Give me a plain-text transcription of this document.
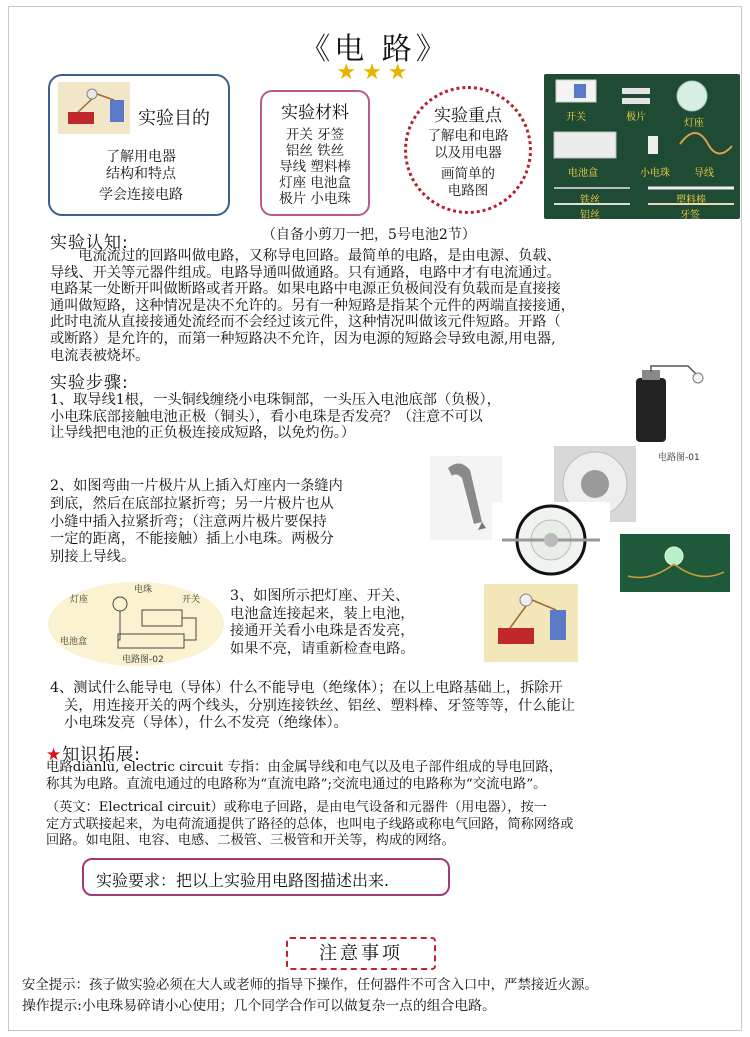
《电 路》
★★★
实验目的
了解用电器
结构和特点
学会连接电路
实验材料
开关 牙签
铝丝 铁丝
导线 塑料棒
灯座 电池盒
极片 小电珠
实验重点
了解电和电路
以及用电器
画简单的
电路图
开关	极片
灯座
电池盒	小电珠 导线
铁丝
铝丝
塑料棒
牙签
（自备小剪刀一把，5号电池2节）
实验认知:
　　电流流过的回路叫做电路，又称导电回路。最简单的电路，是由电源、负载、
导线、开关等元器件组成。电路导通叫做通路。只有通路，电路中才有电流通过。
电路某一处断开叫做断路或者开路。如果电路中电源正负极间没有负载而是直接接
通叫做短路，这种情况是决不允许的。另有一种短路是指某个元件的两端直接接通，
此时电流从直接接通处流经而不会经过该元件，这种情况叫做该元件短路。开路（
或断路）是允许的，而第一种短路决不允许，因为电源的短路会导致电源,用电器,
电流表被烧坏。
实验步骤:
1、取导线1根，一头铜线缠绕小电珠铜部，一头压入电池底部（负极），
小电珠底部接触电池正极（铜头），看小电珠是否发亮？（注意不可以
让导线把电池的正负极连接成短路，以免灼伤。）
电路图-01
2、如图弯曲一片极片从上插入灯座内一条缝内
到底，然后在底部拉紧折弯；另一片极片也从
小缝中插入拉紧折弯；（注意两片极片要保持
一定的距离，不能接触）插上小电珠。两极分
别接上导线。
灯座
电珠
开关
电池盒
电路图-02
3、如图所示把灯座、开关、
电池盒连接起来，装上电池，
接通开关看小电珠是否发亮，
如果不亮，请重新检查电路。
4、测试什么能导电（导体）什么不能导电（绝缘体）；在以上电路基础上，拆除开
关，用连接开关的两个线头，分别连接铁丝、铝丝、塑料棒、牙签等等，什么能让
小电珠发亮（导体），什么不发亮（绝缘体）。
★知识拓展:
电路diànlù, electric circuit 专指：由金属导线和电气以及电子部件组成的导电回路，
称其为电路。直流电通过的电路称为“直流电路”;交流电通过的电路称为“交流电路”。
（英文：Electrical circuit）或称电子回路，是由电气设备和元器件（用电器），按一
定方式联接起来，为电荷流通提供了路径的总体，也叫电子线路或称电气回路，简称网络或
回路。如电阻、电容、电感、二极管、三极管和开关等，构成的网络。
实验要求：把以上实验用电路图描述出来.
注意事项
安全提示：孩子做实验必须在大人或老师的指导下操作，任何器件不可含入口中，严禁接近火源。
操作提示:小电珠易碎请小心使用；几个同学合作可以做复杂一点的组合电路。
